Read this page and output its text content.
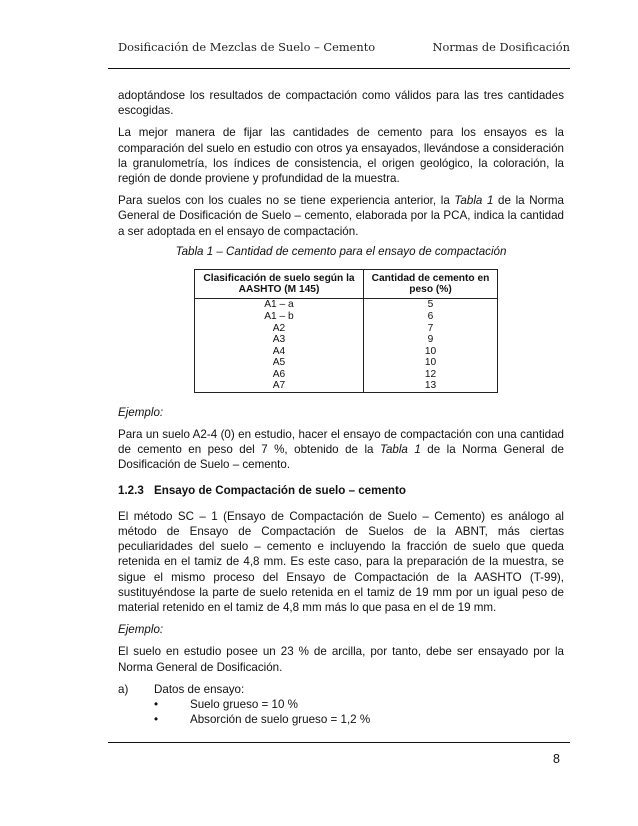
Dosificación de Mezclas de Suelo – Cemento	Normas de Dosificación

adoptándose los resultados de compactación como válidos para las tres cantidades escogidas.

La mejor manera de fijar las cantidades de cemento para los ensayos es la comparación del suelo en estudio con otros ya ensayados, llevándose a consideración la granulometría, los índices de consistencia, el origen geológico, la coloración, la región de donde proviene y profundidad de la muestra.

Para suelos con los cuales no se tiene experiencia anterior, la Tabla 1 de la Norma General de Dosificación de Suelo – cemento, elaborada por la PCA, indica la cantidad a ser adoptada en el ensayo de compactación.

Tabla 1 – Cantidad de cemento para el ensayo de compactación
Clasificación de suelo según la AASHTO (M 145)	Cantidad de cemento en peso (%)
A1 – a	5
A1 – b	6
A2	7
A3	9
A4	10
A5	10
A6	12
A7	13

Ejemplo:

Para un suelo A2-4 (0) en estudio, hacer el ensayo de compactación con una cantidad de cemento en peso del 7 %, obtenido de la Tabla 1 de la Norma General de Dosificación de Suelo – cemento.

1.2.3 Ensayo de Compactación de suelo – cemento

El método SC – 1 (Ensayo de Compactación de Suelo – Cemento) es análogo al método de Ensayo de Compactación de Suelos de la ABNT, más ciertas peculiaridades del suelo – cemento e incluyendo la fracción de suelo que queda retenida en el tamiz de 4,8 mm. Es este caso, para la preparación de la muestra, se sigue el mismo proceso del Ensayo de Compactación de la AASHTO (T-99), sustituyéndose la parte de suelo retenida en el tamiz de 19 mm por un igual peso de material retenido en el tamiz de 4,8 mm más lo que pasa en el de 19 mm.

Ejemplo:

El suelo en estudio posee un 23 % de arcilla, por tanto, debe ser ensayado por la Norma General de Dosificación.

a)	Datos de ensayo:
•	Suelo grueso = 10 %
•	Absorción de suelo grueso = 1,2 %
8
